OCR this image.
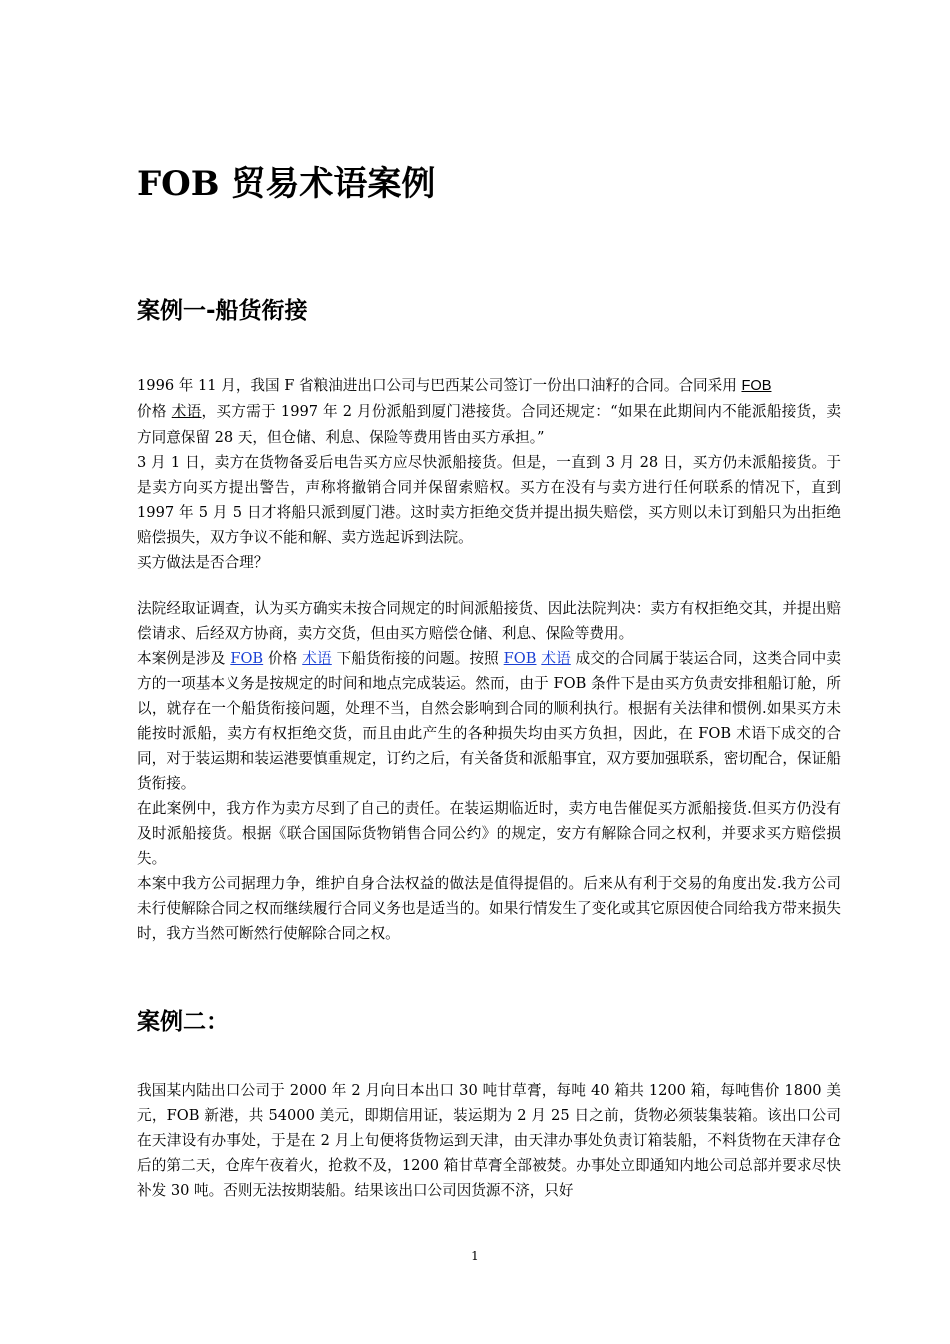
FOB 贸易术语案例
案例一-船货衔接

1996 年 11 月，我国 F 省粮油进出口公司与巴西某公司签订一份出口油籽的合同。合同采用 FOB
价格 术语，买方需于 1997 年 2 月份派船到厦门港接货。合同还规定：“如果在此期间内不能派船接货，卖方同意保留 28 天，但仓储、利息、保险等费用皆由买方承担。”

3 月 1 日，卖方在货物备妥后电告买方应尽快派船接货。但是，一直到 3 月 28 日，买方仍未派船接货。于是卖方向买方提出警告，声称将撤销合同并保留索赔权。买方在没有与卖方进行任何联系的情况下，直到 1997 年 5 月 5 日才将船只派到厦门港。这时卖方拒绝交货并提出损失赔偿，买方则以未订到船只为出拒绝赔偿损失，双方争议不能和解、卖方选起诉到法院。

买方做法是否合理？

法院经取证调查，认为买方确实未按合同规定的时间派船接货、因此法院判决：卖方有权拒绝交其，并提出赔偿请求、后经双方协商，卖方交货，但由买方赔偿仓储、利息、保险等费用。

本案例是涉及 FOB 价格 术语 下船货衔接的问题。按照 FOB 术语 成交的合同属于装运合同，这类合同中卖方的一项基本义务是按规定的时间和地点完成装运。然而，由于 FOB 条件下是由买方负责安排租船订舱，所以，就存在一个船货衔接问题，处理不当，自然会影响到合同的顺利执行。根据有关法律和惯例.如果买方未能按时派船，卖方有权拒绝交货，而且由此产生的各种损失均由买方负担，因此，在 FOB 术语下成交的合同，对于装运期和装运港要慎重规定，订约之后，有关备货和派船事宜，双方要加强联系，密切配合，保证船货衔接。

在此案例中，我方作为卖方尽到了自己的责任。在装运期临近时，卖方电告催促买方派船接货.但买方仍没有及时派船接货。根据《联合国国际货物销售合同公约》的规定，安方有解除合同之权利，并要求买方赔偿损失。

本案中我方公司据理力争，维护自身合法权益的做法是值得提倡的。后来从有利于交易的角度出发.我方公司未行使解除合同之权而继续履行合同义务也是适当的。如果行情发生了变化或其它原因使合同给我方带来损失时，我方当然可断然行使解除合同之权。

案例二：

我国某内陆出口公司于 2000 年 2 月向日本出口 30 吨甘草膏，每吨 40 箱共 1200 箱，每吨售价 1800 美元，FOB 新港，共 54000 美元，即期信用证，装运期为 2 月 25 日之前，货物必须装集装箱。该出口公司在天津设有办事处，于是在 2 月上旬便将货物运到天津，由天津办事处负责订箱装船，不料货物在天津存仓后的第二天，仓库午夜着火，抢救不及，1200 箱甘草膏全部被焚。办事处立即通知内地公司总部并要求尽快补发 30 吨。否则无法按期装船。结果该出口公司因货源不济，只好

1
